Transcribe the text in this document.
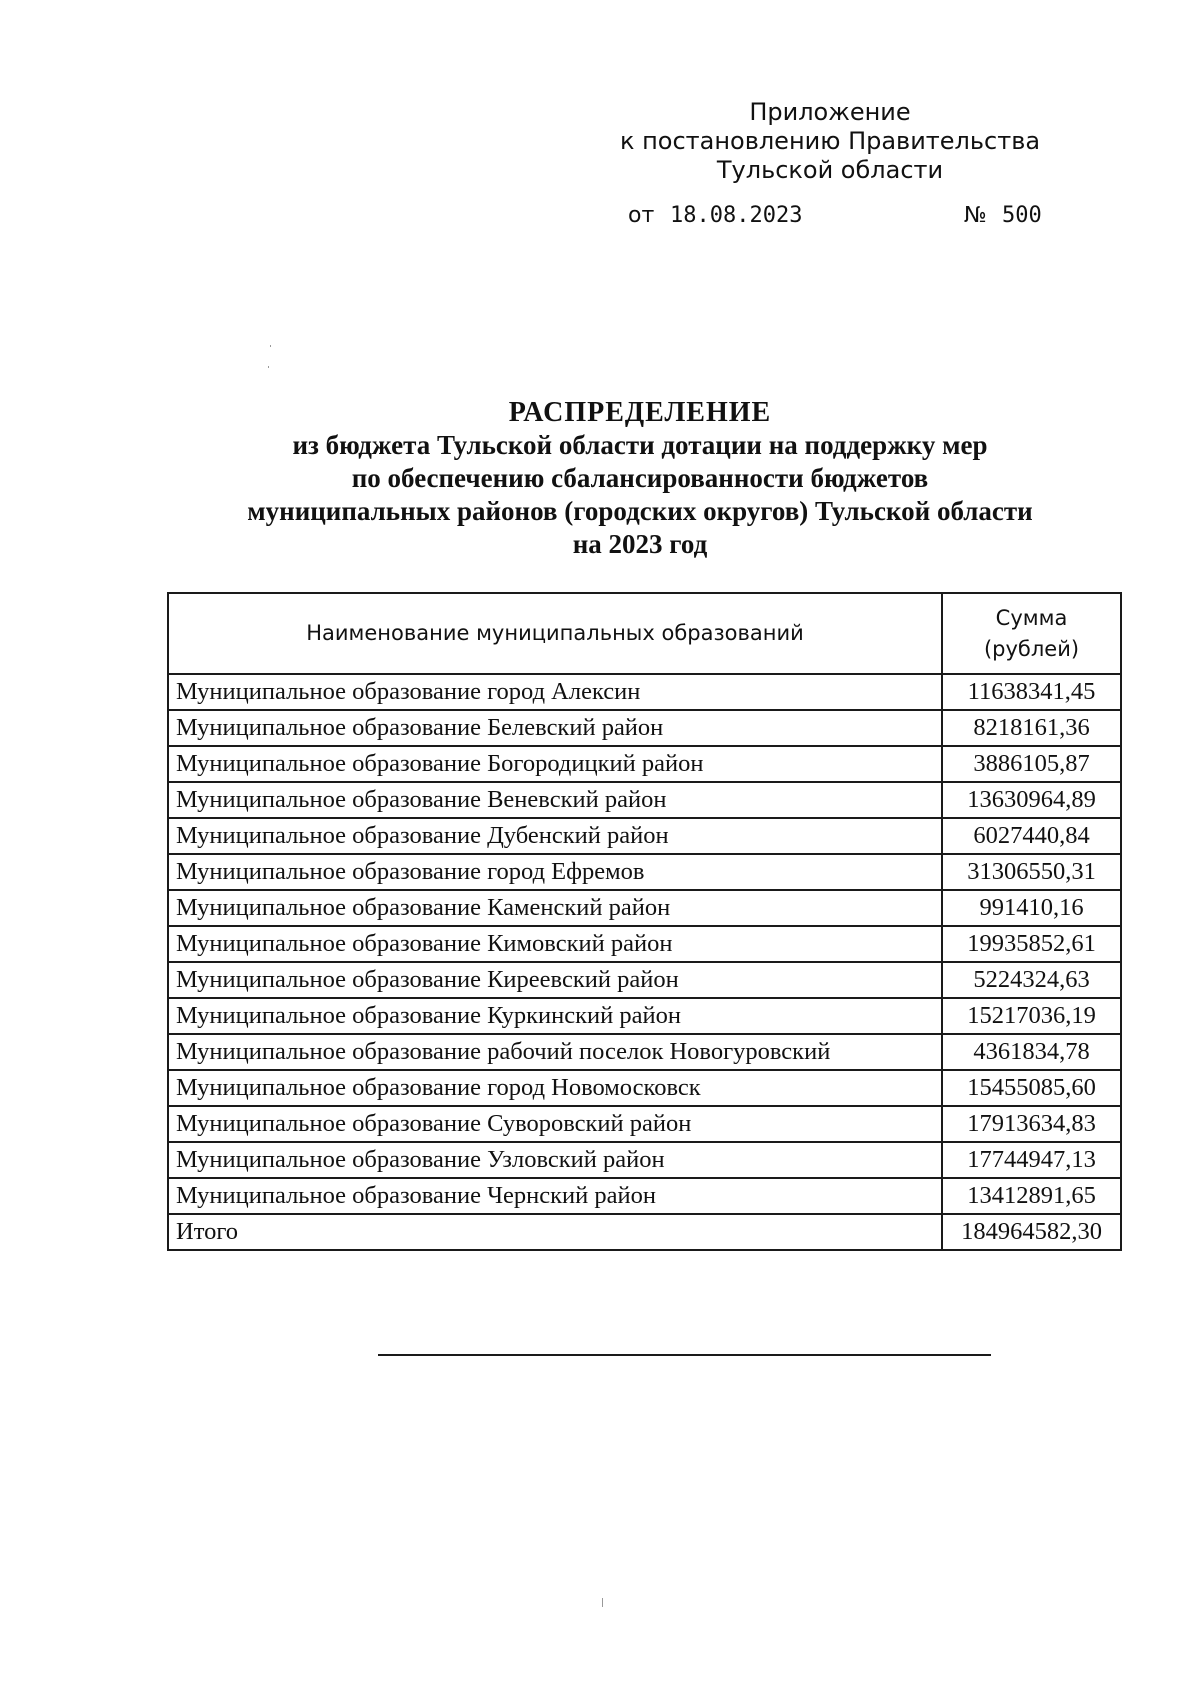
Приложение
к постановлению Правительства
Тульской области
от 18.08.2023	№ 500
РАСПРЕДЕЛЕНИЕ
из бюджета Тульской области дотации на поддержку мер
по обеспечению сбалансированности бюджетов
муниципальных районов (городских округов) Тульской области
на 2023 год
Наименование муниципальных образований	Сумма
(рублей)

Муниципальное образование город Алексин	11638341,45
Муниципальное образование Белевский район	8218161,36
Муниципальное образование Богородицкий район	3886105,87
Муниципальное образование Веневский район	13630964,89
Муниципальное образование Дубенский район	6027440,84
Муниципальное образование город Ефремов	31306550,31
Муниципальное образование Каменский район	991410,16
Муниципальное образование Кимовский район	19935852,61
Муниципальное образование Киреевский район	5224324,63
Муниципальное образование Куркинский район	15217036,19
Муниципальное образование рабочий поселок Новогуровский	4361834,78
Муниципальное образование город Новомосковск	15455085,60
Муниципальное образование Суворовский район	17913634,83
Муниципальное образование Узловский район	17744947,13
Муниципальное образование Чернский район	13412891,65
Итого	184964582,30
